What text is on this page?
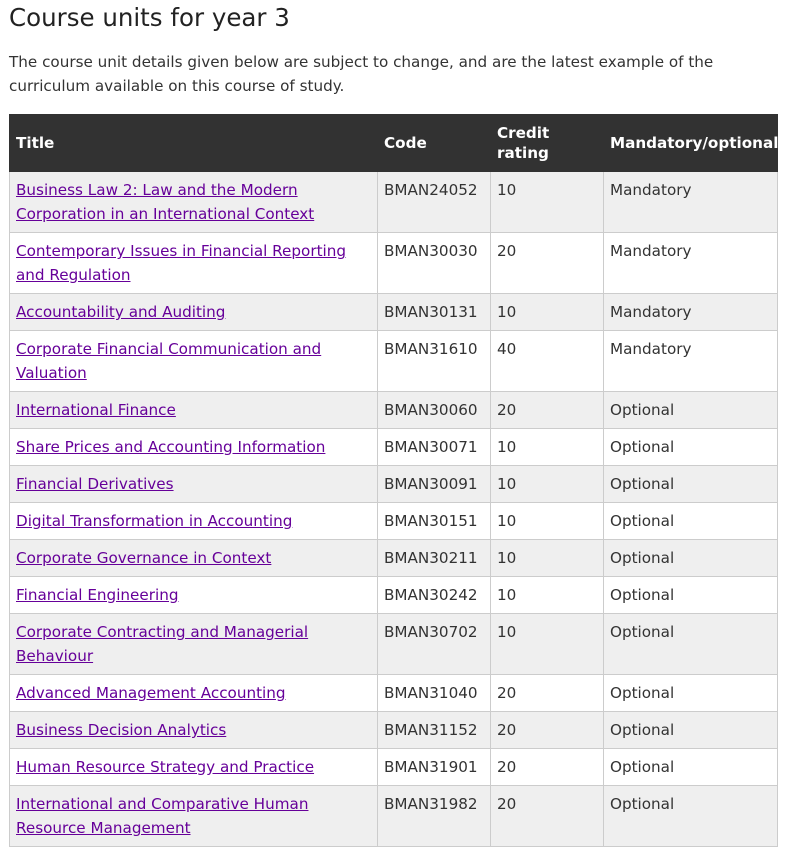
Course units for year 3

The course unit details given below are subject to change, and are the latest example of the curriculum available on this course of study.

Title	Code	Credit rating	Mandatory/optional
Business Law 2: Law and the Modern Corporation in an International Context	BMAN24052	10	Mandatory
Contemporary Issues in Financial Reporting and Regulation	BMAN30030	20	Mandatory
Accountability and Auditing	BMAN30131	10	Mandatory
Corporate Financial Communication and Valuation	BMAN31610	40	Mandatory
International Finance	BMAN30060	20	Optional
Share Prices and Accounting Information	BMAN30071	10	Optional
Financial Derivatives	BMAN30091	10	Optional
Digital Transformation in Accounting	BMAN30151	10	Optional
Corporate Governance in Context	BMAN30211	10	Optional
Financial Engineering	BMAN30242	10	Optional
Corporate Contracting and Managerial Behaviour	BMAN30702	10	Optional
Advanced Management Accounting	BMAN31040	20	Optional
Business Decision Analytics	BMAN31152	20	Optional
Human Resource Strategy and Practice	BMAN31901	20	Optional
International and Comparative Human Resource Management	BMAN31982	20	Optional
